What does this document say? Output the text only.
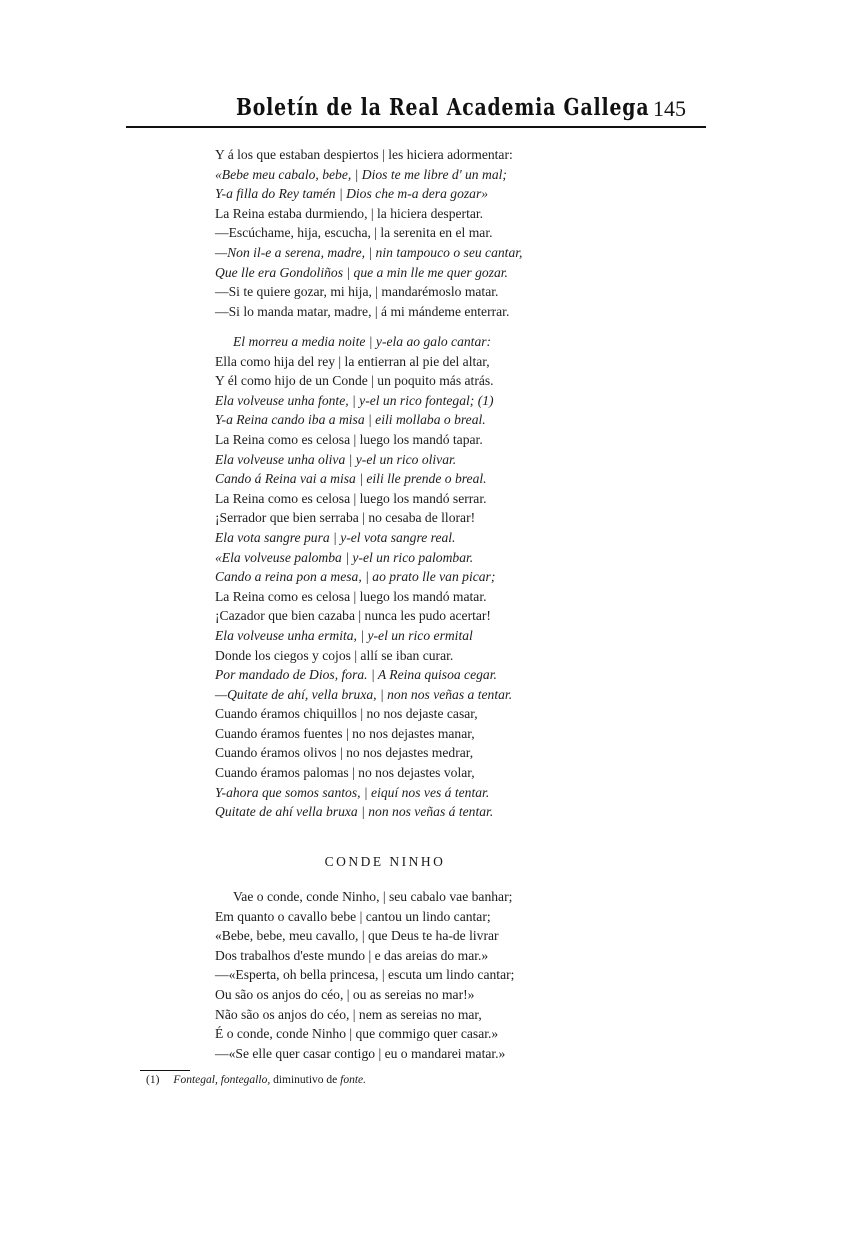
Boletín de la Real Academia Gallega 145
Y á los que estaban despiertos | les hiciera adormentar:
«Bebe meu cabalo, bebe, | Dios te me libre d' un mal;
Y-a filla do Rey tamén | Dios che m-a dera gozar»
La Reina estaba durmiendo, | la hiciera despertar.
—Escúchame, hija, escucha, | la serenita en el mar.
—Non il-e a serena, madre, | nin tampouco o seu cantar,
Que lle era Gondoliños | que a min lle me quer gozar.
—Si te quiere gozar, mi hija, | mandarémoslo matar.
—Si lo manda matar, madre, | á mi mándeme enterrar.
El morreu a media noite | y-ela ao galo cantar:
Ella como hija del rey | la entierran al pie del altar,
Y él como hijo de un Conde | un poquito más atrás.
Ela volveuse unha fonte, | y-el un rico fontegal; (1)
Y-a Reina cando iba a misa | eili mollaba o breal.
La Reina como es celosa | luego los mandó tapar.
Ela volveuse unha oliva | y-el un rico olivar.
Cando á Reina vai a misa | eili lle prende o breal.
La Reina como es celosa | luego los mandó serrar.
¡Serrador que bien serraba | no cesaba de llorar!
Ela vota sangre pura | y-el vota sangre real.
«Ela volveuse palomba | y-el un rico palombar.
Cando a reina pon a mesa, | ao prato lle van picar;
La Reina como es celosa | luego los mandó matar.
¡Cazador que bien cazaba | nunca les pudo acertar!
Ela volveuse unha ermita, | y-el un rico ermital
Donde los ciegos y cojos | allí se iban curar.
Por mandado de Dios, fora. | A Reina quisoa cegar.
—Quitate de ahí, vella bruxa, | non nos veñas a tentar.
Cuando éramos chiquillos | no nos dejaste casar,
Cuando éramos fuentes | no nos dejastes manar,
Cuando éramos olivos | no nos dejastes medrar,
Cuando éramos palomas | no nos dejastes volar,
Y-ahora que somos santos, | eiquí nos ves á tentar.
Quitate de ahí vella bruxa | non nos veñas á tentar.
CONDE NINHO
Vae o conde, conde Ninho, | seu cabalo vae banhar;
Em quanto o cavallo bebe | cantou un lindo cantar;
«Bebe, bebe, meu cavallo, | que Deus te ha-de livrar
Dos trabalhos d'este mundo | e das areias do mar.»
—«Esperta, oh bella princesa, | escuta um lindo cantar;
Ou são os anjos do céo, | ou as sereias no mar!»
Não são os anjos do céo, | nem as sereias no mar,
É o conde, conde Ninho | que commigo quer casar.»
—«Se elle quer casar contigo | eu o mandarei matar.»

(1) Fontegal, fontegallo, diminutivo de fonte.
